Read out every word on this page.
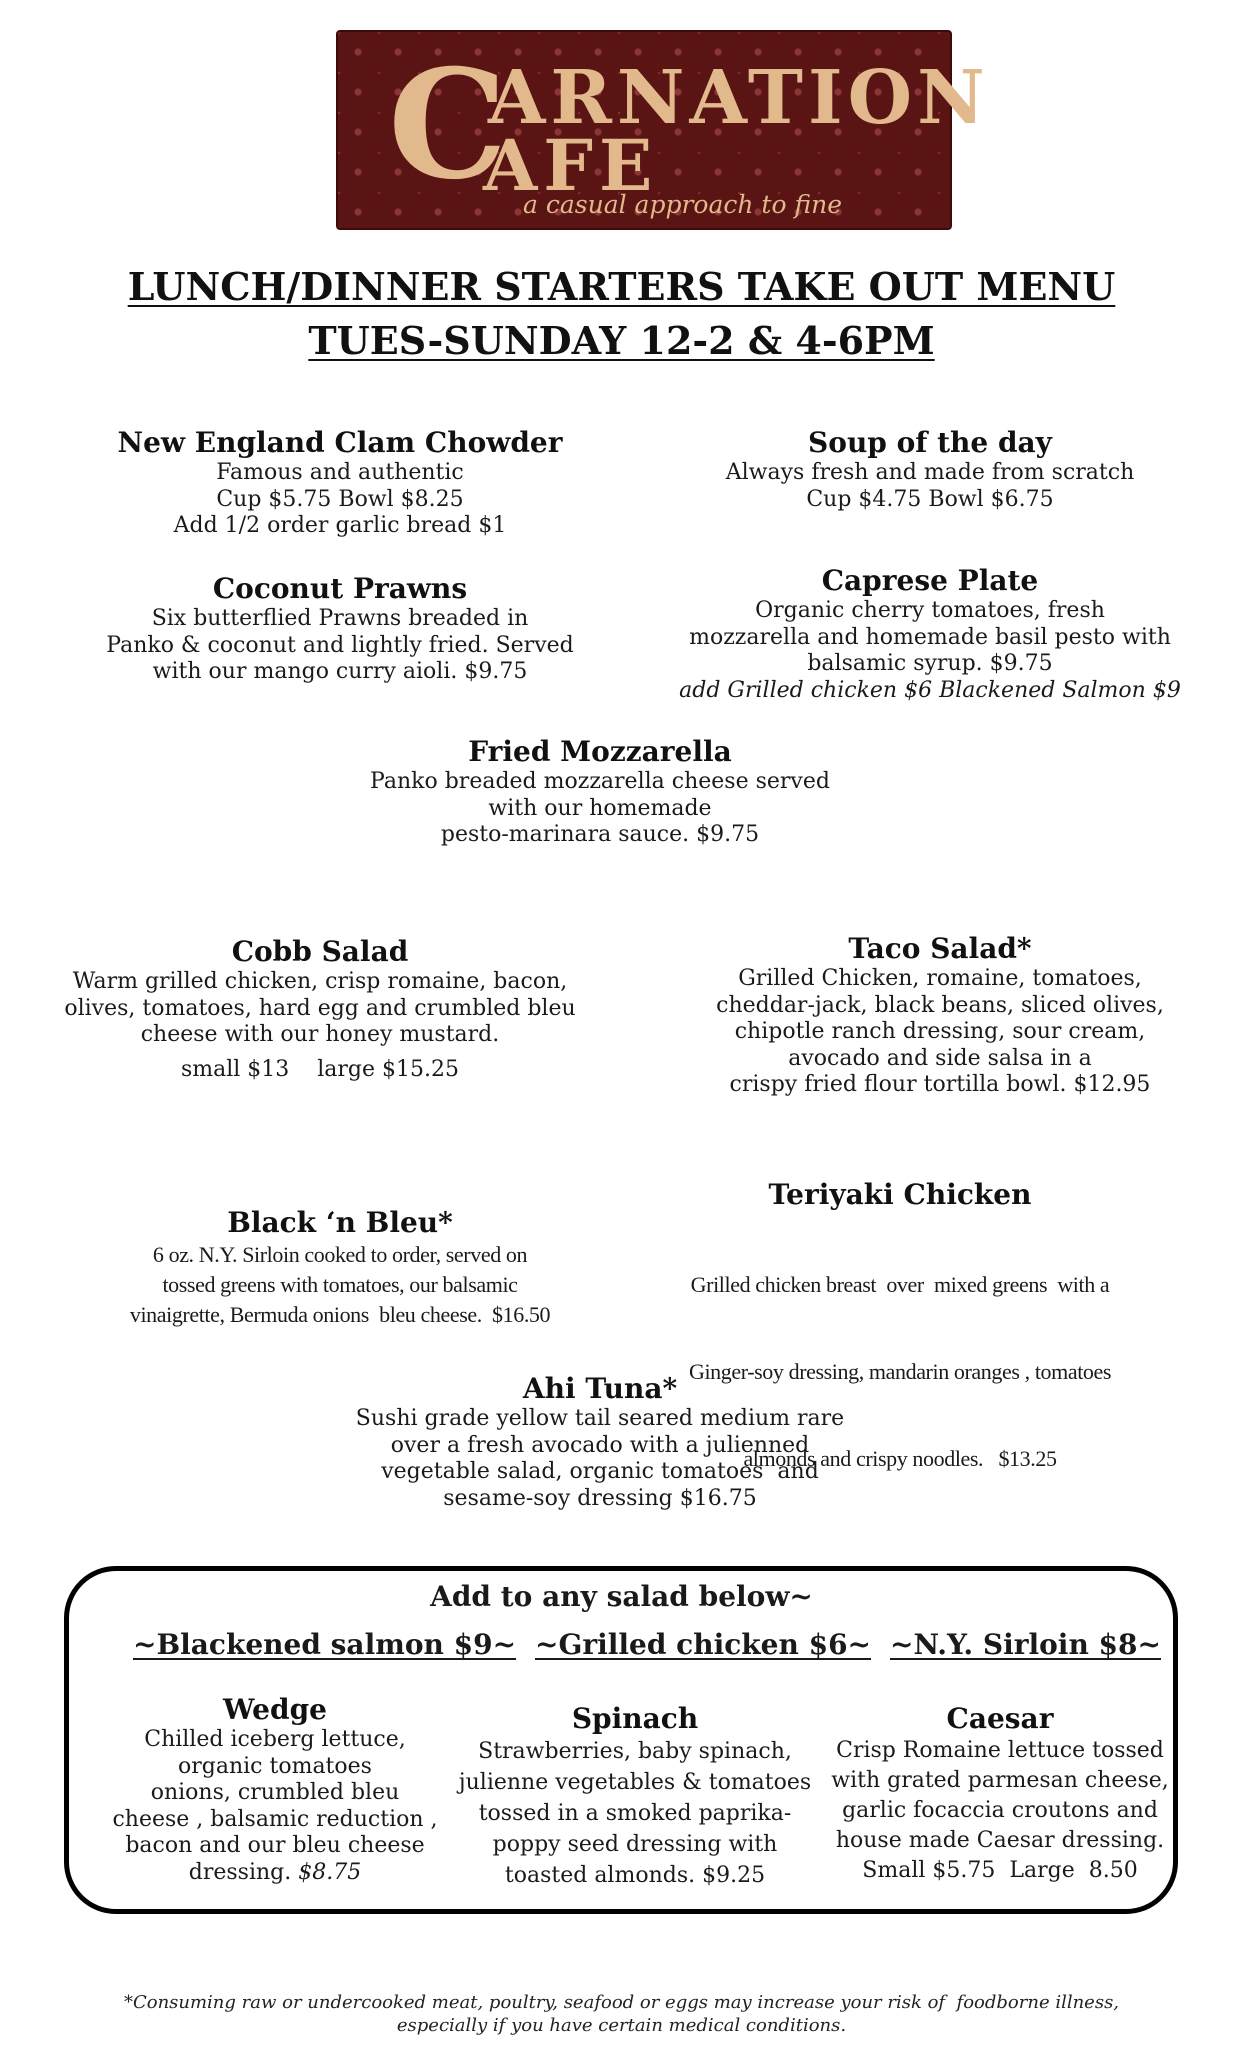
C
ARNATION
AFE
a casual approach to fine
LUNCH/DINNER STARTERS TAKE OUT MENU
TUES-SUNDAY 12-2 & 4-6PM
New England Clam Chowder
Famous and authentic
Cup $5.75 Bowl $8.25
Add 1/2 order garlic bread $1
Soup of the day
Always fresh and made from scratch
Cup $4.75 Bowl $6.75
Coconut Prawns
Six butterflied Prawns breaded in
Panko & coconut and lightly fried. Served
with our mango curry aioli. $9.75
Caprese Plate
Organic cherry tomatoes, fresh
mozzarella and homemade basil pesto with
balsamic syrup. $9.75
add Grilled chicken $6 Blackened Salmon $9
Fried Mozzarella
Panko breaded mozzarella cheese served
with our homemade
pesto-marinara sauce. $9.75
Cobb Salad
Warm grilled chicken, crisp romaine, bacon,
olives, tomatoes, hard egg and crumbled bleu
cheese with our honey mustard.
small $13    large $15.25
Taco Salad*
Grilled Chicken, romaine, tomatoes,
cheddar-jack, black beans, sliced olives,
chipotle ranch dressing, sour cream,
avocado and side salsa in a
crispy fried flour tortilla bowl. $12.95
Teriyaki Chicken

Grilled chicken breast  over  mixed greens  with a

Ginger-soy dressing, mandarin oranges , tomatoes

almonds and crispy noodles.   $13.25

Black ‘n Bleu*
6 oz. N.Y. Sirloin cooked to order, served on
tossed greens with tomatoes, our balsamic
vinaigrette, Bermuda onions  bleu cheese.  $16.50
Ahi Tuna*
Sushi grade yellow tail seared medium rare
over a fresh avocado with a julienned
vegetable salad, organic tomatoes  and
sesame-soy dressing $16.75
Add to any salad below~
~Blackened salmon $9~ ~Grilled chicken $6~ ~N.Y. Sirloin $8~
Wedge
Chilled iceberg lettuce,
organic tomatoes
onions, crumbled bleu
cheese , balsamic reduction ,
bacon and our bleu cheese
dressing. $8.75
Spinach
Strawberries, baby spinach,
julienne vegetables & tomatoes
tossed in a smoked paprika-
poppy seed dressing with
toasted almonds. $9.25
Caesar
Crisp Romaine lettuce tossed
with grated parmesan cheese,
garlic focaccia croutons and
house made Caesar dressing.
Small $5.75  Large  8.50
*Consuming raw or undercooked meat, poultry, seafood or eggs may increase your risk of  foodborne illness,
especially if you have certain medical conditions.
